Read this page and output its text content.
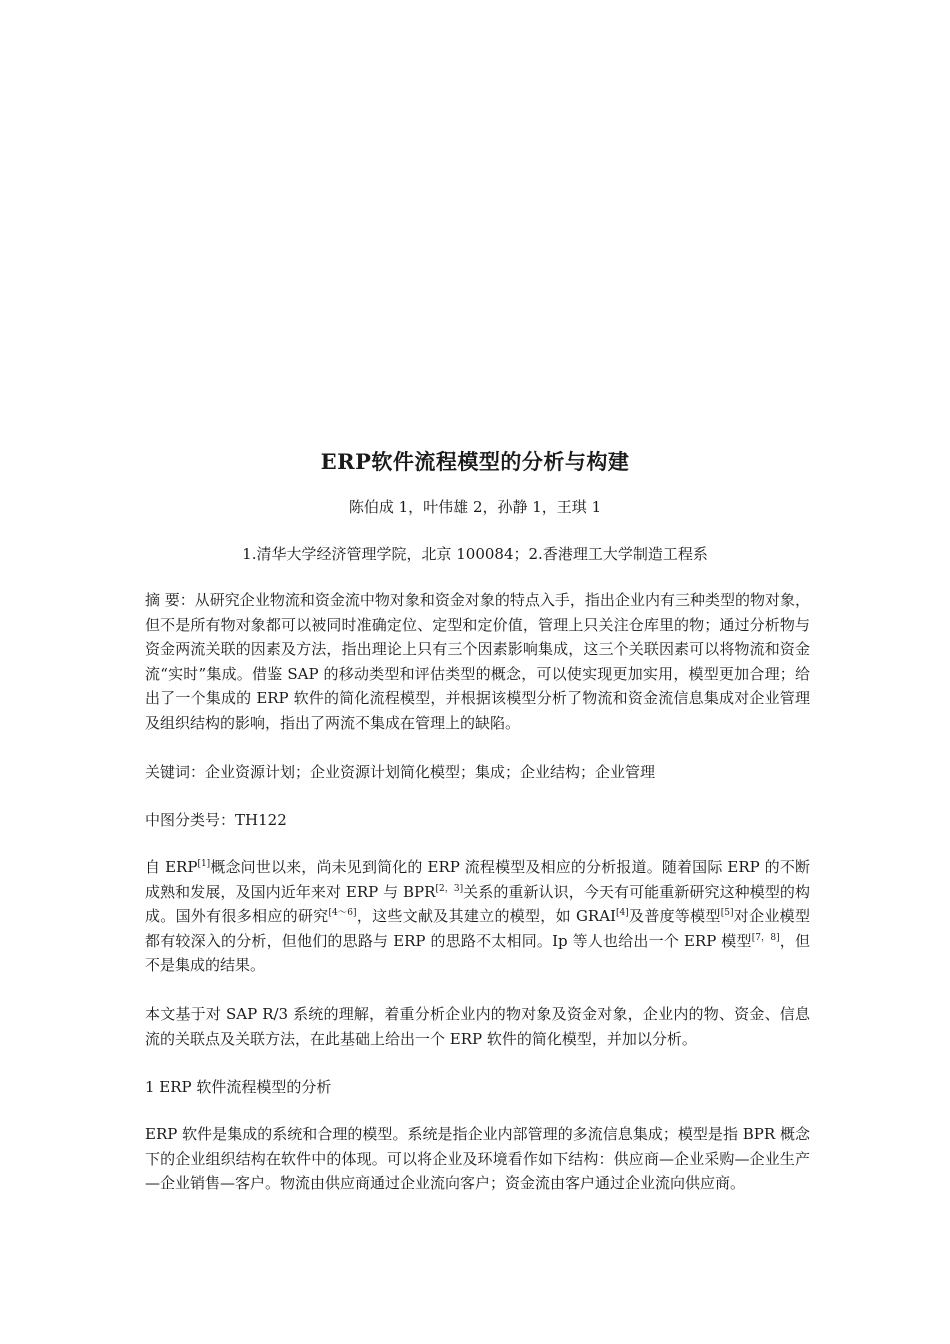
ERP软件流程模型的分析与构建
陈伯成 1，叶伟雄 2，孙静 1，王琪 1
1.清华大学经济管理学院，北京 100084；2.香港理工大学制造工程系

摘 要：从研究企业物流和资金流中物对象和资金对象的特点入手，指出企业内有三种类型的物对象，但不是所有物对象都可以被同时准确定位、定型和定价值，管理上只关注仓库里的物；通过分析物与资金两流关联的因素及方法，指出理论上只有三个因素影响集成，这三个关联因素可以将物流和资金流“实时”集成。借鉴 SAP 的移动类型和评估类型的概念，可以使实现更加实用，模型更加合理；给出了一个集成的 ERP 软件的简化流程模型，并根据该模型分析了物流和资金流信息集成对企业管理及组织结构的影响，指出了两流不集成在管理上的缺陷。

关键词：企业资源计划；企业资源计划简化模型；集成；企业结构；企业管理

中图分类号：TH122

自 ERP[1]概念问世以来，尚未见到简化的 ERP 流程模型及相应的分析报道。随着国际 ERP 的不断成熟和发展，及国内近年来对 ERP 与 BPR[2，3]关系的重新认识，今天有可能重新研究这种模型的构成。国外有很多相应的研究[4～6]，这些文献及其建立的模型，如 GRAI[4]及普度等模型[5]对企业模型都有较深入的分析，但他们的思路与 ERP 的思路不太相同。Ip 等人也给出一个 ERP 模型[7，8]，但不是集成的结果。

本文基于对 SAP R/3 系统的理解，着重分析企业内的物对象及资金对象，企业内的物、资金、信息流的关联点及关联方法，在此基础上给出一个 ERP 软件的简化模型，并加以分析。

1 ERP 软件流程模型的分析

ERP 软件是集成的系统和合理的模型。系统是指企业内部管理的多流信息集成；模型是指 BPR 概念下的企业组织结构在软件中的体现。可以将企业及环境看作如下结构：供应商—企业采购—企业生产—企业销售—客户。物流由供应商通过企业流向客户；资金流由客户通过企业流向供应商。
